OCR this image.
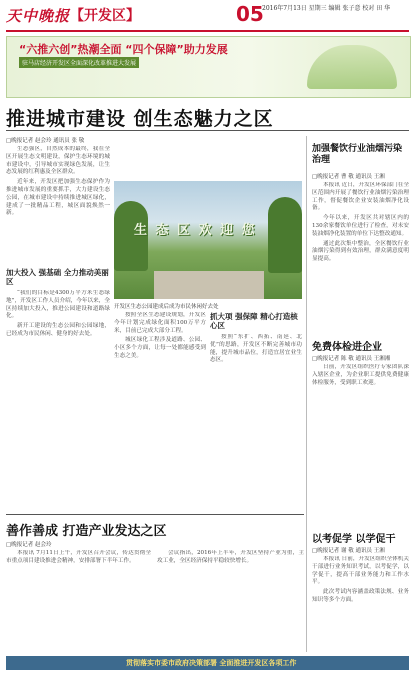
天中晚报 【开发区】	05
2016年7月13日 星期三 编辑 张子意 校对 田 华
“六推六创”热潮全面 “四个保障”助力发展
驻马店经济开发区全面深化改革推进大发展
推进城市建设 创生态魅力之区
□晚报记者 赵会玲 通讯员 张 敬

生态强区，自然成本的最终，我在全区开展生态文明建设，保护生态环境的城市建设中，引导城市实现绿色发展，让生态发展的红利惠及全区群众。

近年来，开发区把加强生态保护作为推进城市发展的重要抓手，大力建设生态公园，在城市建设中持续推进城区绿化，建成了一批精品工程，城区面貌焕然一新。

加大投入 强基础 全力推动美丽区

“我们的目标是4300万平方米生态绿地”，开发区工作人员介绍，今年以来，全区持续加大投入，推进公园建设和道路绿化。

新开工建设的生态公园和公园绿地，已经成为市民休闲、健身的好去处。

生 态 区 欢 迎 您
开发区生态公园建成后成为市民休闲好去处

按照全区生态建设规划，开发区今年计划完成绿化面积100万平方米，目前已完成大部分工程。

城区绿化工程涉及道路、公园、小区多个方面，让每一处都能感受到生态之美。

抓大项 强保障 精心打造核心区

按照“东扩、西拓、南延、北优”的思路，开发区不断完善城市功能，提升城市品位，打造宜居宜业生态区。

加强餐饮行业油烟污染治理
□晚报记者 曹 敬 通讯员 王湘

本报讯 近日，开发区环保部门在全区范围内开展了餐饮行业油烟污染治理工作，督促餐饮企业安装油烟净化设备。

今年以来，开发区共对辖区内的130余家餐饮单位进行了检查，对未安装油烟净化装置的单位下达整改通知。

通过此次集中整治，全区餐饮行业油烟污染得到有效治理，群众满意度明显提高。

免费体检进企业
□晚报记者 陈 敬 通讯员 王湘湘

日前，开发区组织医疗专家团队深入辖区企业，为企业职工提供免费健康体检服务，受到职工欢迎。

以考促学 以学促干
□晚报记者 谢 敬 通讯员 王湘

本报讯 日前，开发区组织全体机关干部进行业务知识考试，以考促学，以学促干，提高干部业务能力和工作水平。

此次考试内容涵盖政策法规、业务知识等多个方面。

善作善成 打造产业发达之区
□晚报记者 赵会玲

本报讯 7月11日上午，开发区召开会议，传达贯彻全市重点项目建设推进会精神，安排部署下半年工作。

会议指出，2016年上半年，开发区坚持产业为重，主攻工业，全区经济保持平稳较快增长。

贯彻落实市委市政府决策部署 全面推进开发区各项工作
